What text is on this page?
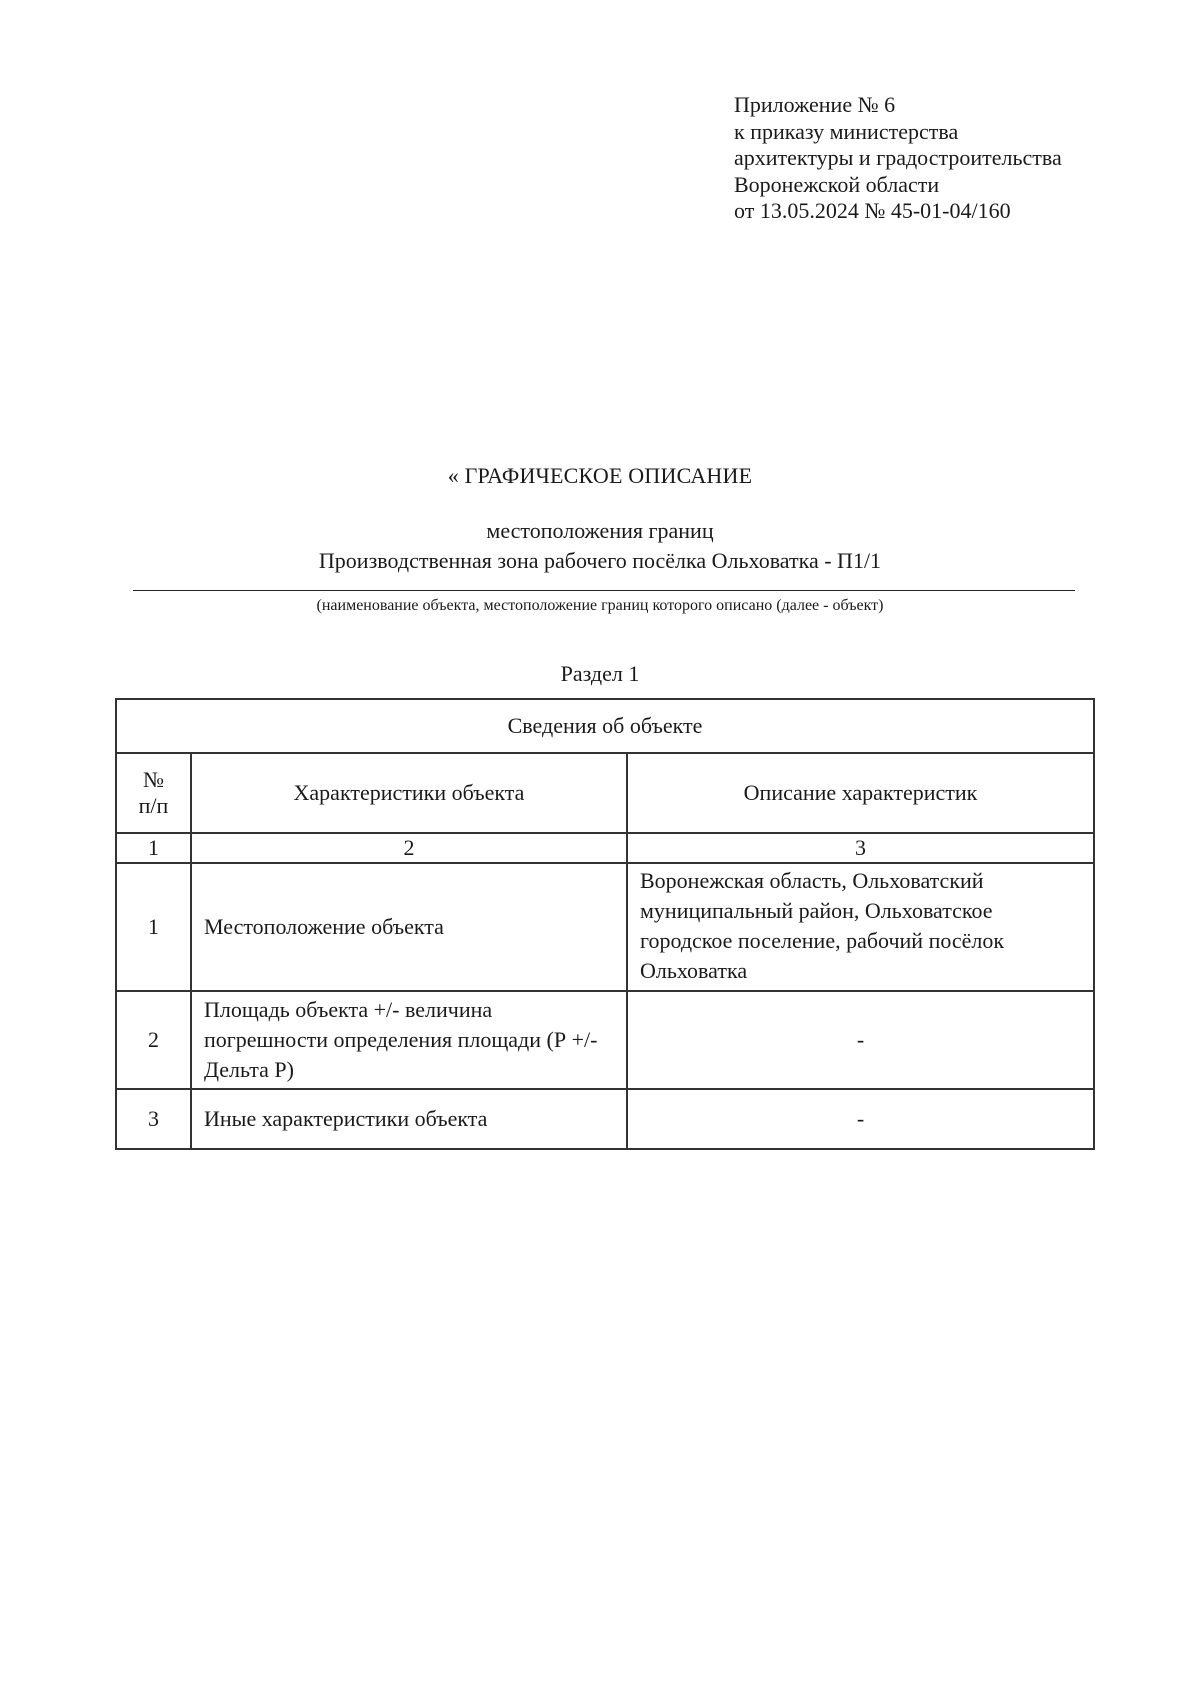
Приложение № 6
к приказу министерства
архитектуры и градостроительства
Воронежской области
от 13.05.2024 № 45-01-04/160
« ГРАФИЧЕСКОЕ ОПИСАНИЕ
местоположения границ
Производственная зона рабочего посёлка Ольховатка - П1/1
(наименование объекта, местоположение границ которого описано (далее - объект)
Раздел 1
Сведения об объекте		
№
п/п	Характеристики объекта	Описание характеристик
1	2	3
1	Местоположение объекта	Воронежская область, Ольховатский муниципальный район, Ольховатское городское поселение, рабочий посёлок Ольховатка
2	Площадь объекта +/- величина погрешности определения площади (Р +/- Дельта Р)	-
3	Иные характеристики объекта	-
